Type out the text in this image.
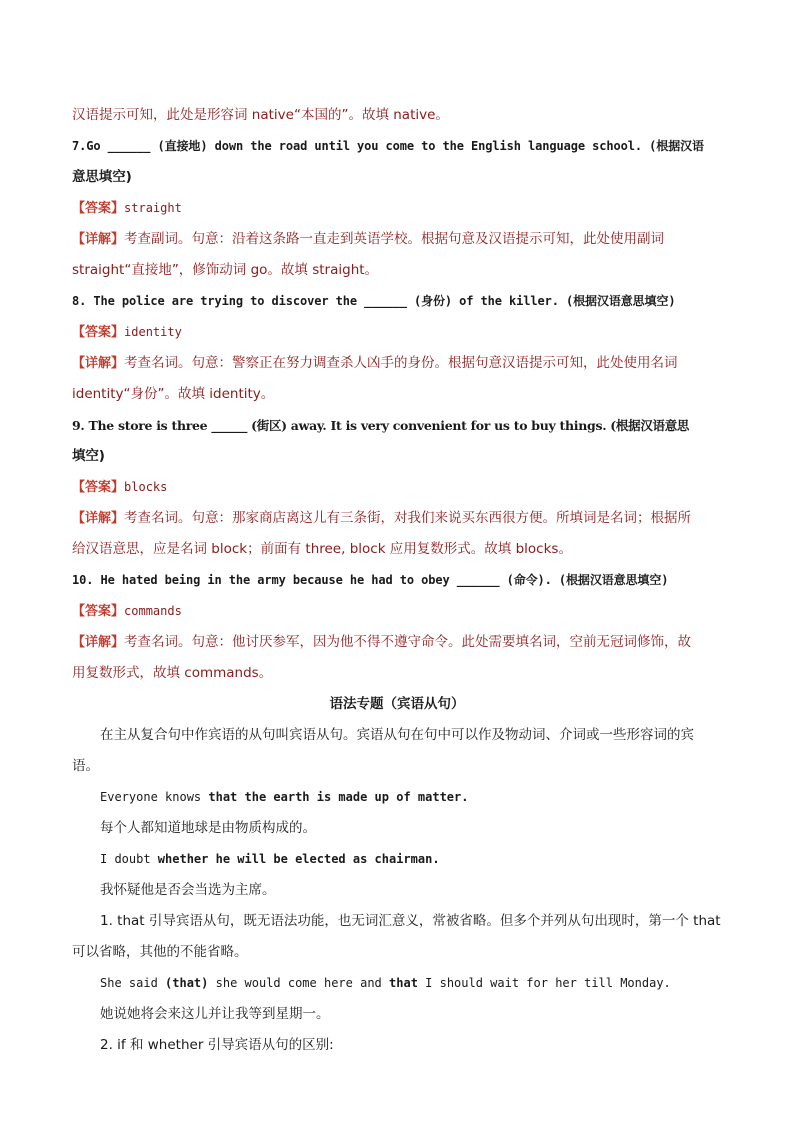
汉语提示可知，此处是形容词 native“本国的”。故填 native。
7.Go ______ (直接地) down the road until you come to the English language school. (根据汉语
意思填空)
【答案】straight
【详解】考查副词。句意：沿着这条路一直走到英语学校。根据句意及汉语提示可知，此处使用副词
straight“直接地”，修饰动词 go。故填 straight。
8. The police are trying to discover the ______ (身份) of the killer. (根据汉语意思填空)
【答案】identity
【详解】考查名词。句意：警察正在努力调查杀人凶手的身份。根据句意汉语提示可知，此处使用名词
identity“身份”。故填 identity。
9. The store is three ______ (街区) away. It is very convenient for us to buy things. (根据汉语意思
填空)
【答案】blocks
【详解】考查名词。句意：那家商店离这儿有三条街，对我们来说买东西很方便。所填词是名词；根据所
给汉语意思，应是名词 block；前面有 three, block 应用复数形式。故填 blocks。
10. He hated being in the army because he had to obey ______ (命令). (根据汉语意思填空)
【答案】commands
【详解】考查名词。句意：他讨厌参军，因为他不得不遵守命令。此处需要填名词，空前无冠词修饰，故
用复数形式，故填 commands。
语法专题（宾语从句）
在主从复合句中作宾语的从句叫宾语从句。宾语从句在句中可以作及物动词、介词或一些形容词的宾
语。
Everyone knows that the earth is made up of matter.
每个人都知道地球是由物质构成的。
I doubt whether he will be elected as chairman.
我怀疑他是否会当选为主席。
1. that 引导宾语从句，既无语法功能，也无词汇意义，常被省略。但多个并列从句出现时，第一个 that
可以省略，其他的不能省略。
She said (that) she would come here and that I should wait for her till Monday.
她说她将会来这儿并让我等到星期一。
2. if 和 whether 引导宾语从句的区别:
